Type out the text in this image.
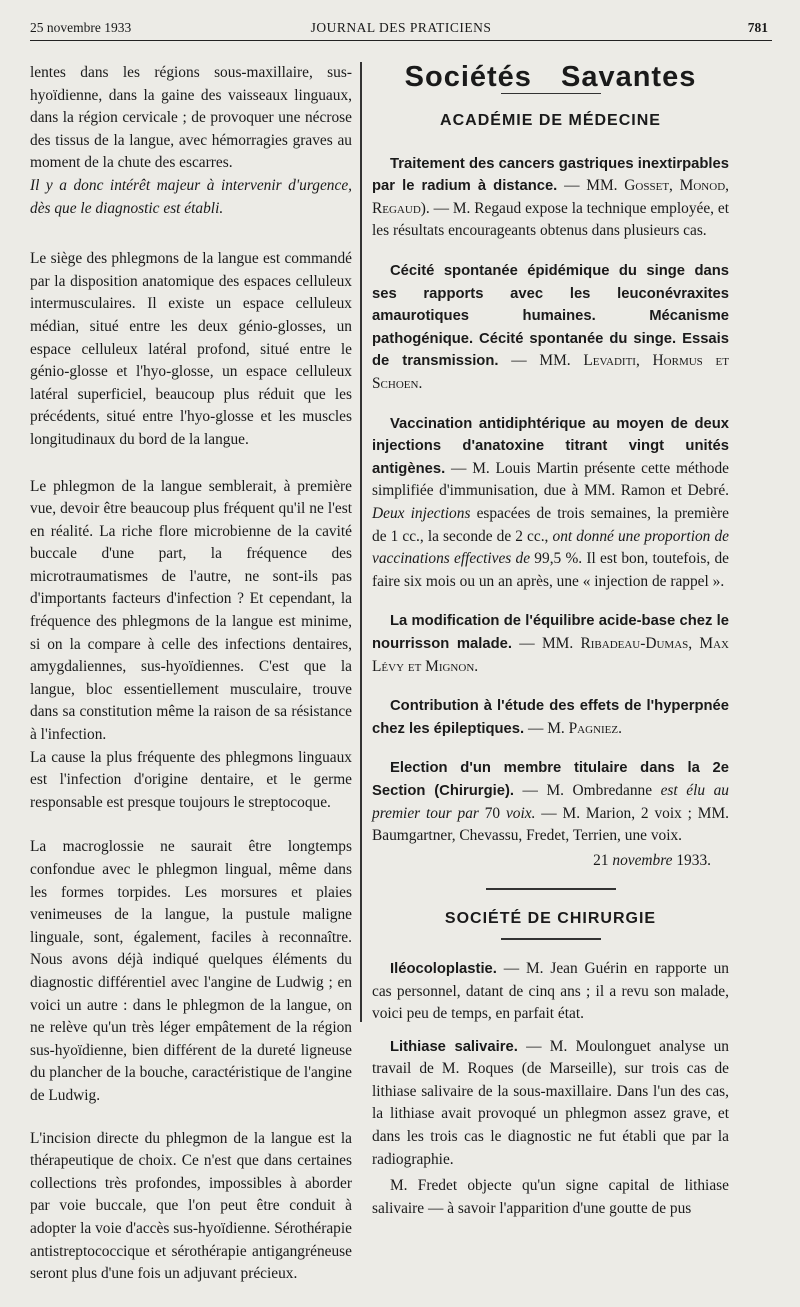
25 novembre 1933	JOURNAL DES PRATICIENS	781

lentes dans les régions sous-maxillaire, sus-hyoïdienne, dans la gaine des vaisseaux linguaux, dans la région cervicale ; de provoquer une nécrose des tissus de la langue, avec hémorragies graves au moment de la chute des escarres.

Il y a donc intérêt majeur à intervenir d'urgence, dès que le diagnostic est établi.

Le siège des phlegmons de la langue est commandé par la disposition anatomique des espaces celluleux intermusculaires. Il existe un espace celluleux médian, situé entre les deux génio-glosses, un espace celluleux latéral profond, situé entre le génio-glosse et l'hyo-glosse, un espace celluleux latéral superficiel, beaucoup plus réduit que les précédents, situé entre l'hyo-glosse et les muscles longitudinaux du bord de la langue.

Le phlegmon de la langue semblerait, à première vue, devoir être beaucoup plus fréquent qu'il ne l'est en réalité. La riche flore microbienne de la cavité buccale d'une part, la fréquence des microtraumatismes de l'autre, ne sont-ils pas d'importants facteurs d'infection ? Et cependant, la fréquence des phlegmons de la langue est minime, si on la compare à celle des infections dentaires, amygdaliennes, sus-hyoïdiennes. C'est que la langue, bloc essentiellement musculaire, trouve dans sa constitution même la raison de sa résistance à l'infection.

La cause la plus fréquente des phlegmons linguaux est l'infection d'origine dentaire, et le germe responsable est presque toujours le streptocoque.

La macroglossie ne saurait être longtemps confondue avec le phlegmon lingual, même dans les formes torpides. Les morsures et plaies venimeuses de la langue, la pustule maligne linguale, sont, également, faciles à reconnaître. Nous avons déjà indiqué quelques éléments du diagnostic différentiel avec l'angine de Ludwig ; en voici un autre : dans le phlegmon de la langue, on ne relève qu'un très léger empâtement de la région sus-hyoïdienne, bien différent de la dureté ligneuse du plancher de la bouche, caractéristique de l'angine de Ludwig.

L'incision directe du phlegmon de la langue est la thérapeutique de choix. Ce n'est que dans certaines collections très profondes, impossibles à aborder par voie buccale, que l'on peut être conduit à adopter la voie d'accès sus-hyoïdienne. Sérothérapie antistreptococcique et sérothérapie antigangréneuse seront plus d'une fois un adjuvant précieux.

Sociétés Savantes
ACADÉMIE DE MÉDECINE

Traitement des cancers gastriques inextirpables par le radium à distance. — MM. Gosset, Monod, Regaud). — M. Regaud expose la technique employée, et les résultats encourageants obtenus dans plusieurs cas.

Cécité spontanée épidémique du singe dans ses rapports avec les leuconévraxites amaurotiques humaines. Mécanisme pathogénique. Cécité spontanée du singe. Essais de transmission. — MM. Levaditi, Hormus et Schoen.

Vaccination antidiphtérique au moyen de deux injections d'anatoxine titrant vingt unités antigènes. — M. Louis Martin présente cette méthode simplifiée d'immunisation, due à MM. Ramon et Debré. Deux injections espacées de trois semaines, la première de 1 cc., la seconde de 2 cc., ont donné une proportion de vaccinations effectives de 99,5 %. Il est bon, toutefois, de faire six mois ou un an après, une « injection de rappel ».

La modification de l'équilibre acide-base chez le nourrisson malade. — MM. Ribadeau-Dumas, Max Lévy et Mignon.

Contribution à l'étude des effets de l'hyperpnée chez les épileptiques. — M. Pagniez.

Election d'un membre titulaire dans la 2e Section (Chirurgie). — M. Ombredanne est élu au premier tour par 70 voix. — M. Marion, 2 voix ; MM. Baumgartner, Chevassu, Fredet, Terrien, une voix.

21 novembre 1933.

SOCIÉTÉ DE CHIRURGIE

Iléocoloplastie. — M. Jean Guérin en rapporte un cas personnel, datant de cinq ans ; il a revu son malade, voici peu de temps, en parfait état.

Lithiase salivaire. — M. Moulonguet analyse un travail de M. Roques (de Marseille), sur trois cas de lithiase salivaire de la sous-maxillaire. Dans l'un des cas, la lithiase avait provoqué un phlegmon assez grave, et dans les trois cas le diagnostic ne fut établi que par la radiographie.

M. Fredet objecte qu'un signe capital de lithiase salivaire — à savoir l'apparition d'une goutte de pus
